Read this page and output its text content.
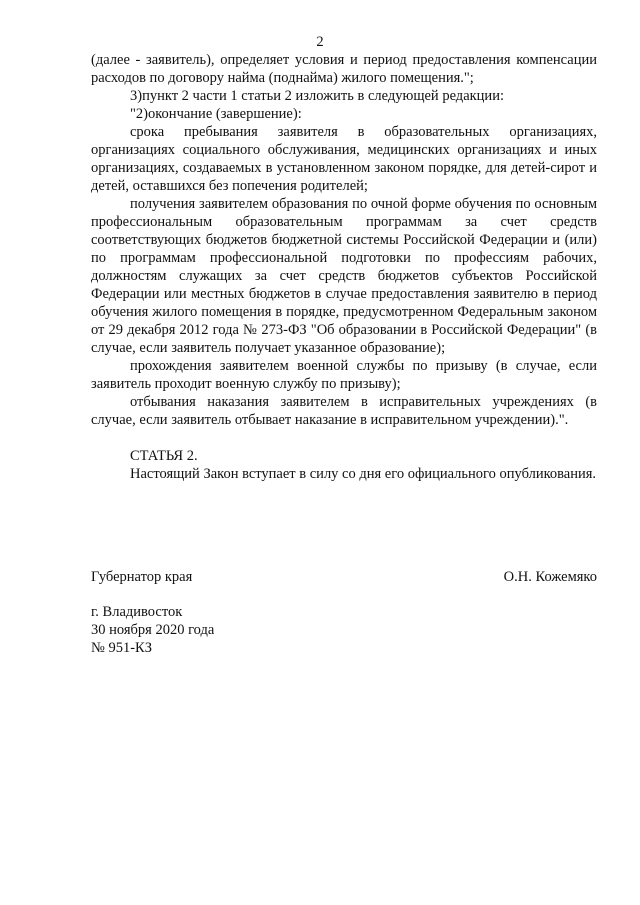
2

(далее - заявитель), определяет условия и период предоставления компенсации расходов по договору найма (поднайма) жилого помещения.";

3)пункт 2 части 1 статьи 2 изложить в следующей редакции:

"2)окончание (завершение):

срока пребывания заявителя в образовательных организациях, организациях социального обслуживания, медицинских организациях и иных организациях, создаваемых в установленном законом порядке, для детей-сирот и детей, оставшихся без попечения родителей;

получения заявителем образования по очной форме обучения по основным профессиональным образовательным программам за счет средств соответствующих бюджетов бюджетной системы Российской Федерации и (или) по программам профессиональной подготовки по профессиям рабочих, должностям служащих за счет средств бюджетов субъектов Российской Федерации или местных бюджетов в случае предоставления заявителю в период обучения жилого помещения в порядке, предусмотренном Федеральным законом от 29 декабря 2012 года № 273-ФЗ "Об образовании в Российской Федерации" (в случае, если заявитель получает указанное образование);

прохождения заявителем военной службы по призыву (в случае, если заявитель проходит военную службу по призыву);

отбывания наказания заявителем в исправительных учреждениях (в случае, если заявитель отбывает наказание в исправительном учреждении).".

СТАТЬЯ 2.

Настоящий Закон вступает в силу со дня его официального опубликования.

Губернатор края	О.Н. Кожемяко
г. Владивосток
30 ноября 2020 года
№ 951-КЗ
